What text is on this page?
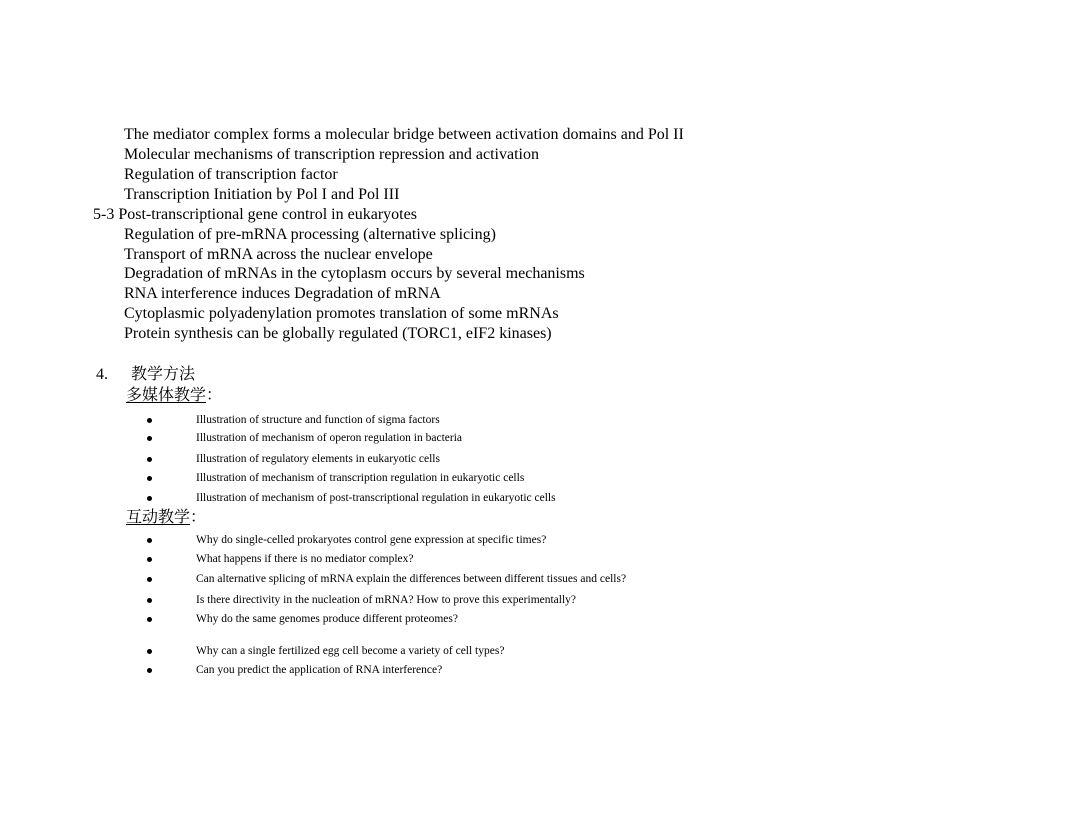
The mediator complex forms a molecular bridge between activation domains and Pol II
Molecular mechanisms of transcription repression and activation
Regulation of transcription factor
Transcription Initiation by Pol I and Pol III
5-3 Post-transcriptional gene control in eukaryotes
Regulation of pre-mRNA processing (alternative splicing)
Transport of mRNA across the nuclear envelope
Degradation of mRNAs in the cytoplasm occurs by several mechanisms
RNA interference induces Degradation of mRNA
Cytoplasmic polyadenylation promotes translation of some mRNAs
Protein synthesis can be globally regulated (TORC1, eIF2 kinases)
4. 教学方法
多媒体教学：
Illustration of structure and function of sigma factors
Illustration of mechanism of operon regulation in bacteria
Illustration of regulatory elements in eukaryotic cells
Illustration of mechanism of transcription regulation in eukaryotic cells
Illustration of mechanism of post-transcriptional regulation in eukaryotic cells
互动教学：
Why do single-celled prokaryotes control gene expression at specific times?
What happens if there is no mediator complex?
Can alternative splicing of mRNA explain the differences between different tissues and cells?
Is there directivity in the nucleation of mRNA? How to prove this experimentally?
Why do the same genomes produce different proteomes?
Why can a single fertilized egg cell become a variety of cell types?
Can you predict the application of RNA interference?
